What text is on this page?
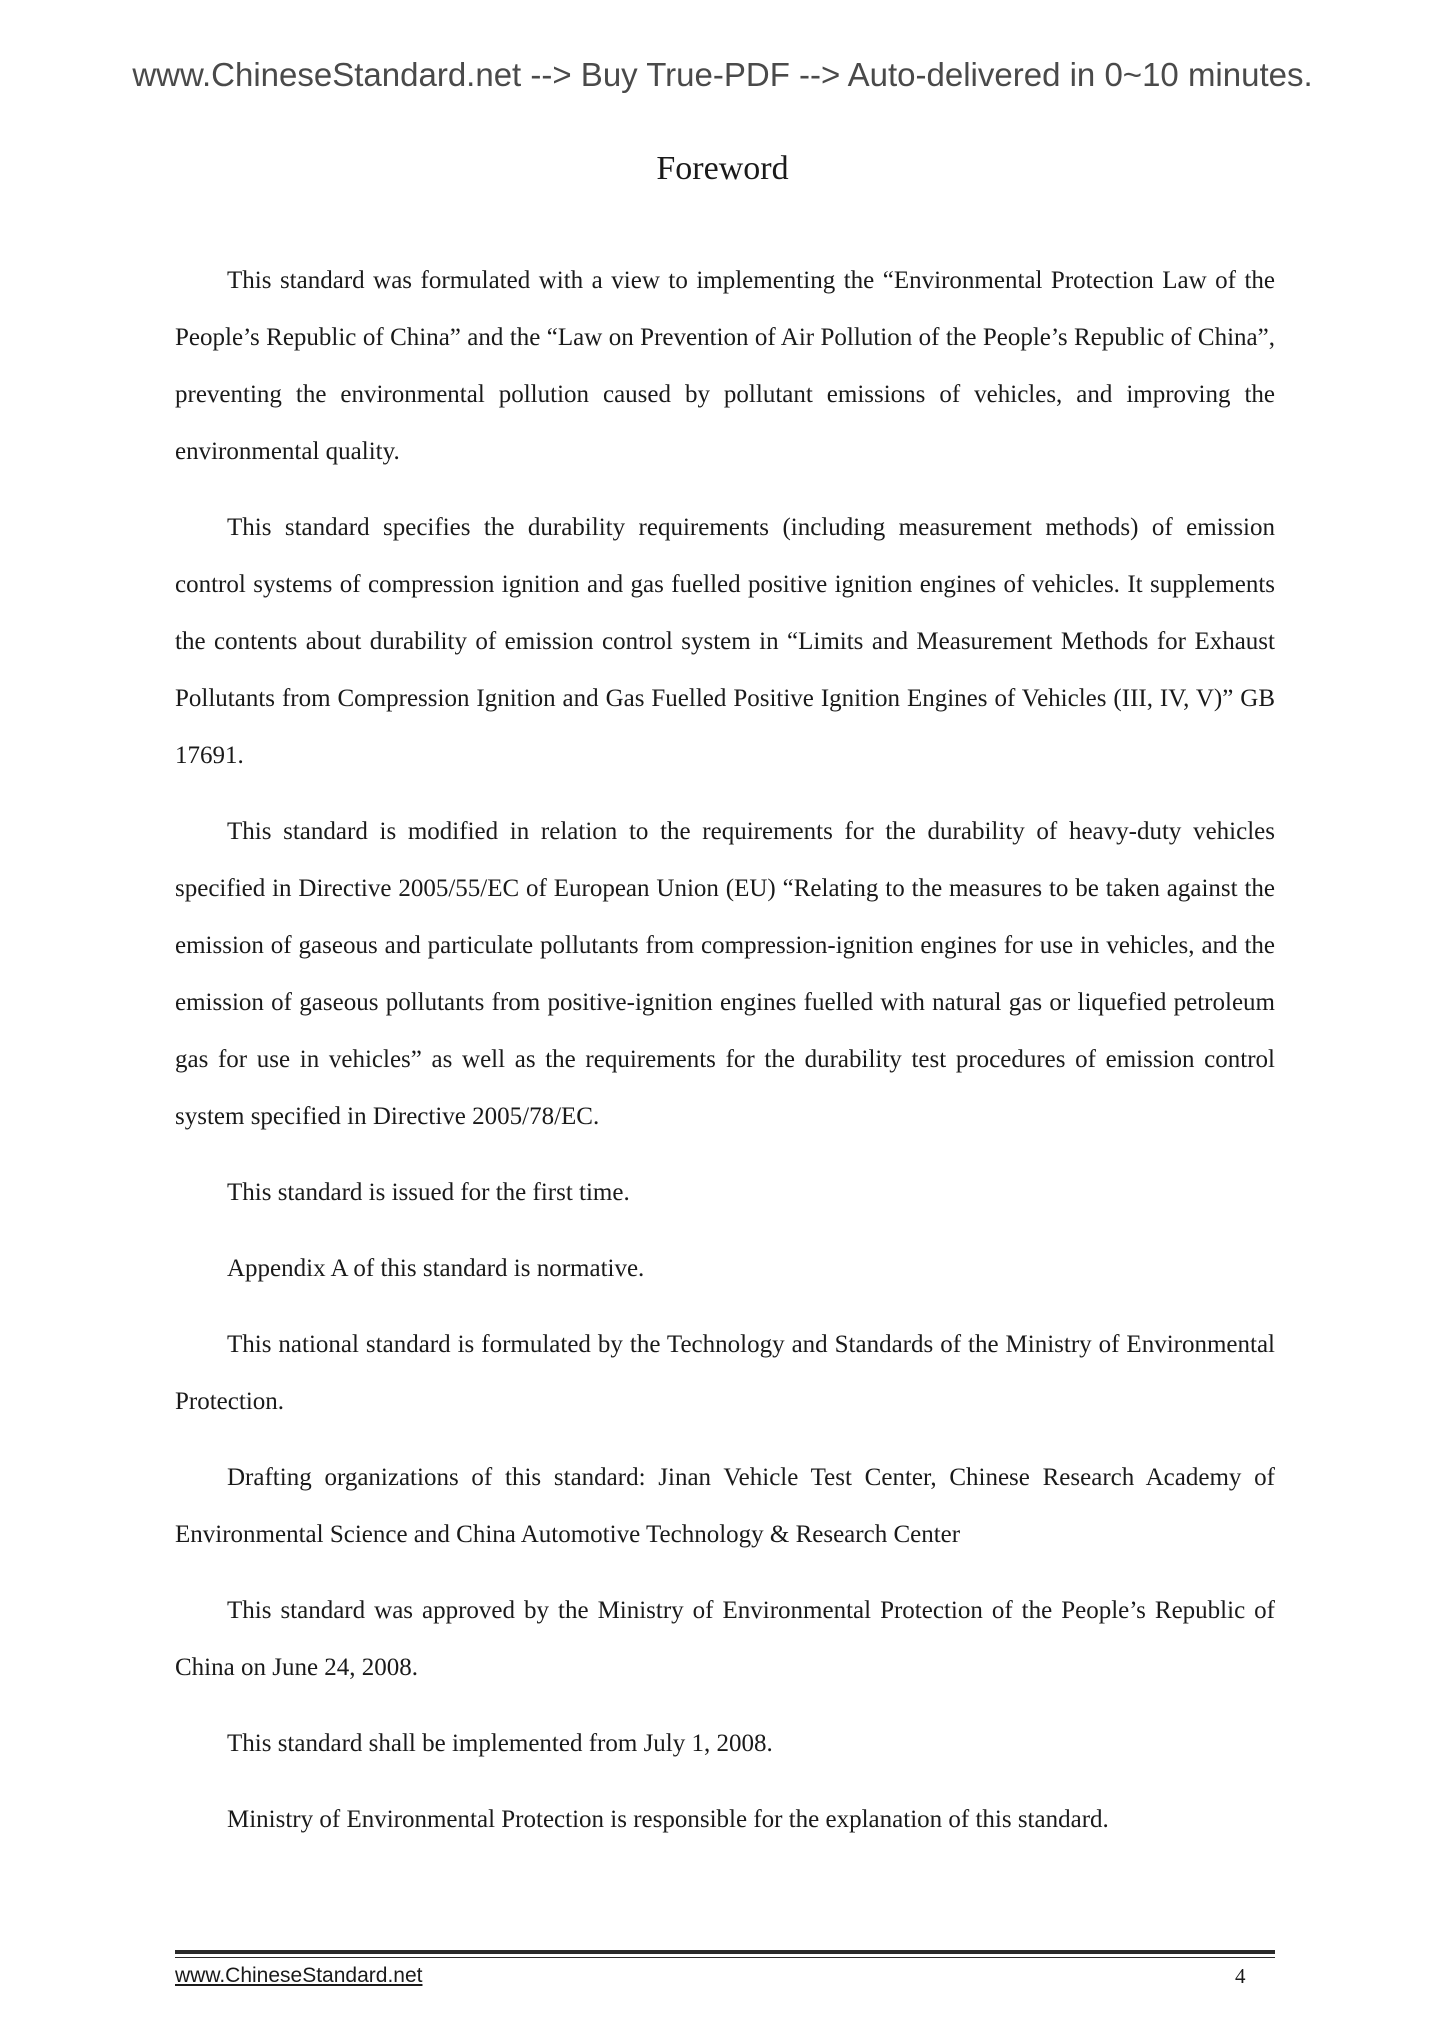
www.ChineseStandard.net --> Buy True-PDF --> Auto-delivered in 0~10 minutes.
Foreword

This standard was formulated with a view to implementing the “Environmental Protection Law of the People’s Republic of China” and the “Law on Prevention of Air Pollution of the People’s Republic of China”, preventing the environmental pollution caused by pollutant emissions of vehicles, and improving the environmental quality.

This standard specifies the durability requirements (including measurement methods) of emission control systems of compression ignition and gas fuelled positive ignition engines of vehicles. It supplements the contents about durability of emission control system in “Limits and Measurement Methods for Exhaust Pollutants from Compression Ignition and Gas Fuelled Positive Ignition Engines of Vehicles (III, IV, V)” GB 17691.

This standard is modified in relation to the requirements for the durability of heavy-duty vehicles specified in Directive 2005/55/EC of European Union (EU) “Relating to the measures to be taken against the emission of gaseous and particulate pollutants from compression-ignition engines for use in vehicles, and the emission of gaseous pollutants from positive-ignition engines fuelled with natural gas or liquefied petroleum gas for use in vehicles” as well as the requirements for the durability test procedures of emission control system specified in Directive 2005/78/EC.

This standard is issued for the first time.

Appendix A of this standard is normative.

This national standard is formulated by the Technology and Standards of the Ministry of Environmental Protection.

Drafting organizations of this standard: Jinan Vehicle Test Center, Chinese Research Academy of Environmental Science and China Automotive Technology & Research Center

This standard was approved by the Ministry of Environmental Protection of the People’s Republic of China on June 24, 2008.

This standard shall be implemented from July 1, 2008.

Ministry of Environmental Protection is responsible for the explanation of this standard.

www.ChineseStandard.net	4
